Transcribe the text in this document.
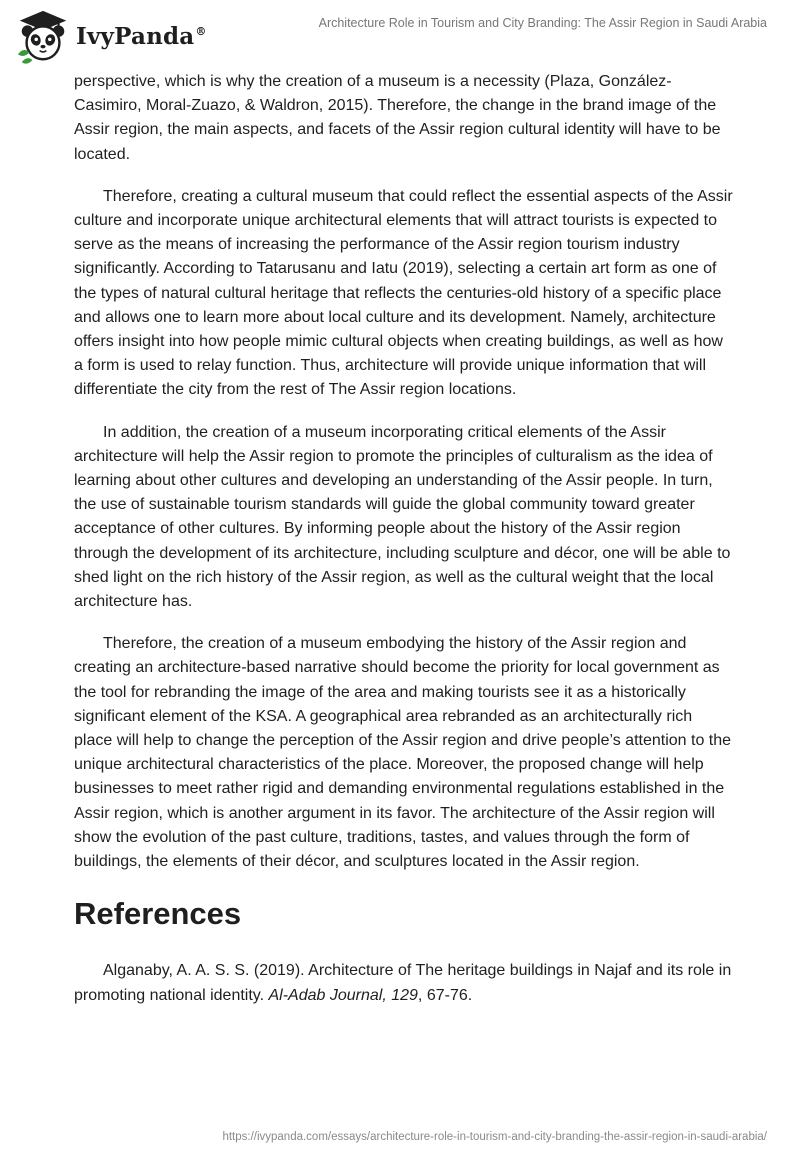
IvyPanda®
Architecture Role in Tourism and City Branding: The Assir Region in Saudi Arabia

perspective, which is why the creation of a museum is a necessity (Plaza, González-Casimiro, Moral-Zuazo, & Waldron, 2015). Therefore, the change in the brand image of the Assir region, the main aspects, and facets of the Assir region cultural identity will have to be located.

Therefore, creating a cultural museum that could reflect the essential aspects of the Assir culture and incorporate unique architectural elements that will attract tourists is expected to serve as the means of increasing the performance of the Assir region tourism industry significantly. According to Tatarusanu and Iatu (2019), selecting a certain art form as one of the types of natural cultural heritage that reflects the centuries-old history of a specific place and allows one to learn more about local culture and its development. Namely, architecture offers insight into how people mimic cultural objects when creating buildings, as well as how a form is used to relay function. Thus, architecture will provide unique information that will differentiate the city from the rest of The Assir region locations.

In addition, the creation of a museum incorporating critical elements of the Assir architecture will help the Assir region to promote the principles of culturalism as the idea of learning about other cultures and developing an understanding of the Assir people. In turn, the use of sustainable tourism standards will guide the global community toward greater acceptance of other cultures. By informing people about the history of the Assir region through the development of its architecture, including sculpture and décor, one will be able to shed light on the rich history of the Assir region, as well as the cultural weight that the local architecture has.

Therefore, the creation of a museum embodying the history of the Assir region and creating an architecture-based narrative should become the priority for local government as the tool for rebranding the image of the area and making tourists see it as a historically significant element of the KSA. A geographical area rebranded as an architecturally rich place will help to change the perception of the Assir region and drive people’s attention to the unique architectural characteristics of the place. Moreover, the proposed change will help businesses to meet rather rigid and demanding environmental regulations established in the Assir region, which is another argument in its favor. The architecture of the Assir region will show the evolution of the past culture, traditions, tastes, and values through the form of buildings, the elements of their décor, and sculptures located in the Assir region.

References

Alganaby, A. A. S. S. (2019). Architecture of The heritage buildings in Najaf and its role in promoting national identity. Al-Adab Journal, 129, 67-76.

https://ivypanda.com/essays/architecture-role-in-tourism-and-city-branding-the-assir-region-in-saudi-arabia/
